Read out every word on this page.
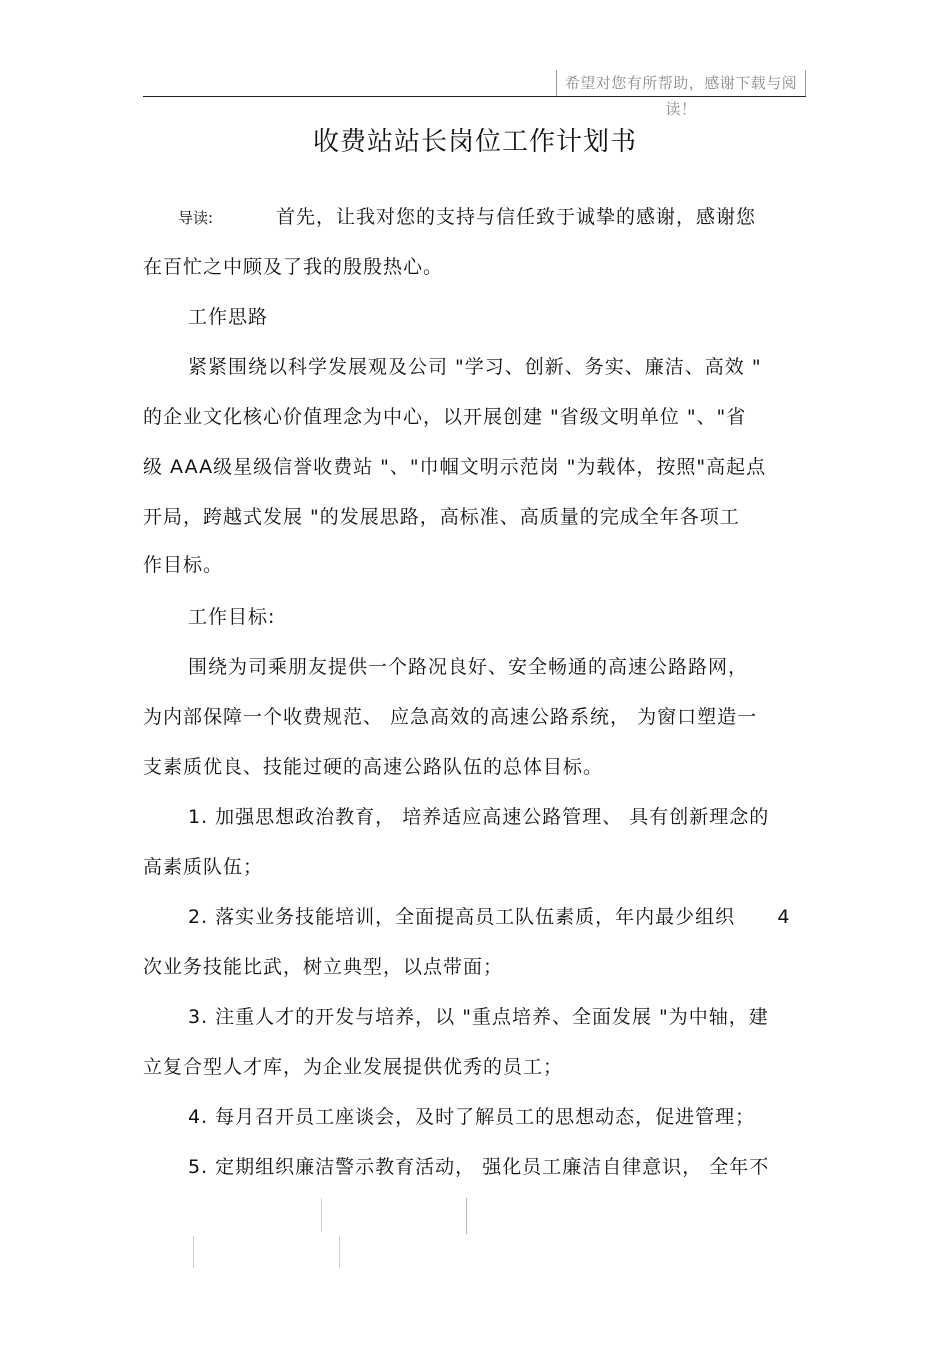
希望对您有所帮助，感谢下载与阅读！
收费站站长岗位工作计划书
导读:	首先，让我对您的支持与信任致于诚挚的感谢，感谢您
在百忙之中顾及了我的殷殷热心。
工作思路
紧紧围绕以科学发展观及公司 "学习、创新、务实、廉洁、高效 "
的企业文化核心价值理念为中心，以开展创建 "省级文明单位 "、"省
级 AAA级星级信誉收费站 "、"巾帼文明示范岗 "为载体，按照"高起点
开局，跨越式发展 "的发展思路，高标准、高质量的完成全年各项工
作目标。
工作目标:
围绕为司乘朋友提供一个路况良好、安全畅通的高速公路路网，
为内部保障一个收费规范、 应急高效的高速公路系统， 为窗口塑造一
支素质优良、技能过硬的高速公路队伍的总体目标。
1. 加强思想政治教育， 培养适应高速公路管理、 具有创新理念的
高素质队伍；
2. 落实业务技能培训，全面提高员工队伍素质，年内最少组织      4
次业务技能比武，树立典型，以点带面；
3. 注重人才的开发与培养，以 "重点培养、全面发展 "为中轴，建
立复合型人才库，为企业发展提供优秀的员工；
4. 每月召开员工座谈会，及时了解员工的思想动态，促进管理；
5. 定期组织廉洁警示教育活动， 强化员工廉洁自律意识， 全年不
